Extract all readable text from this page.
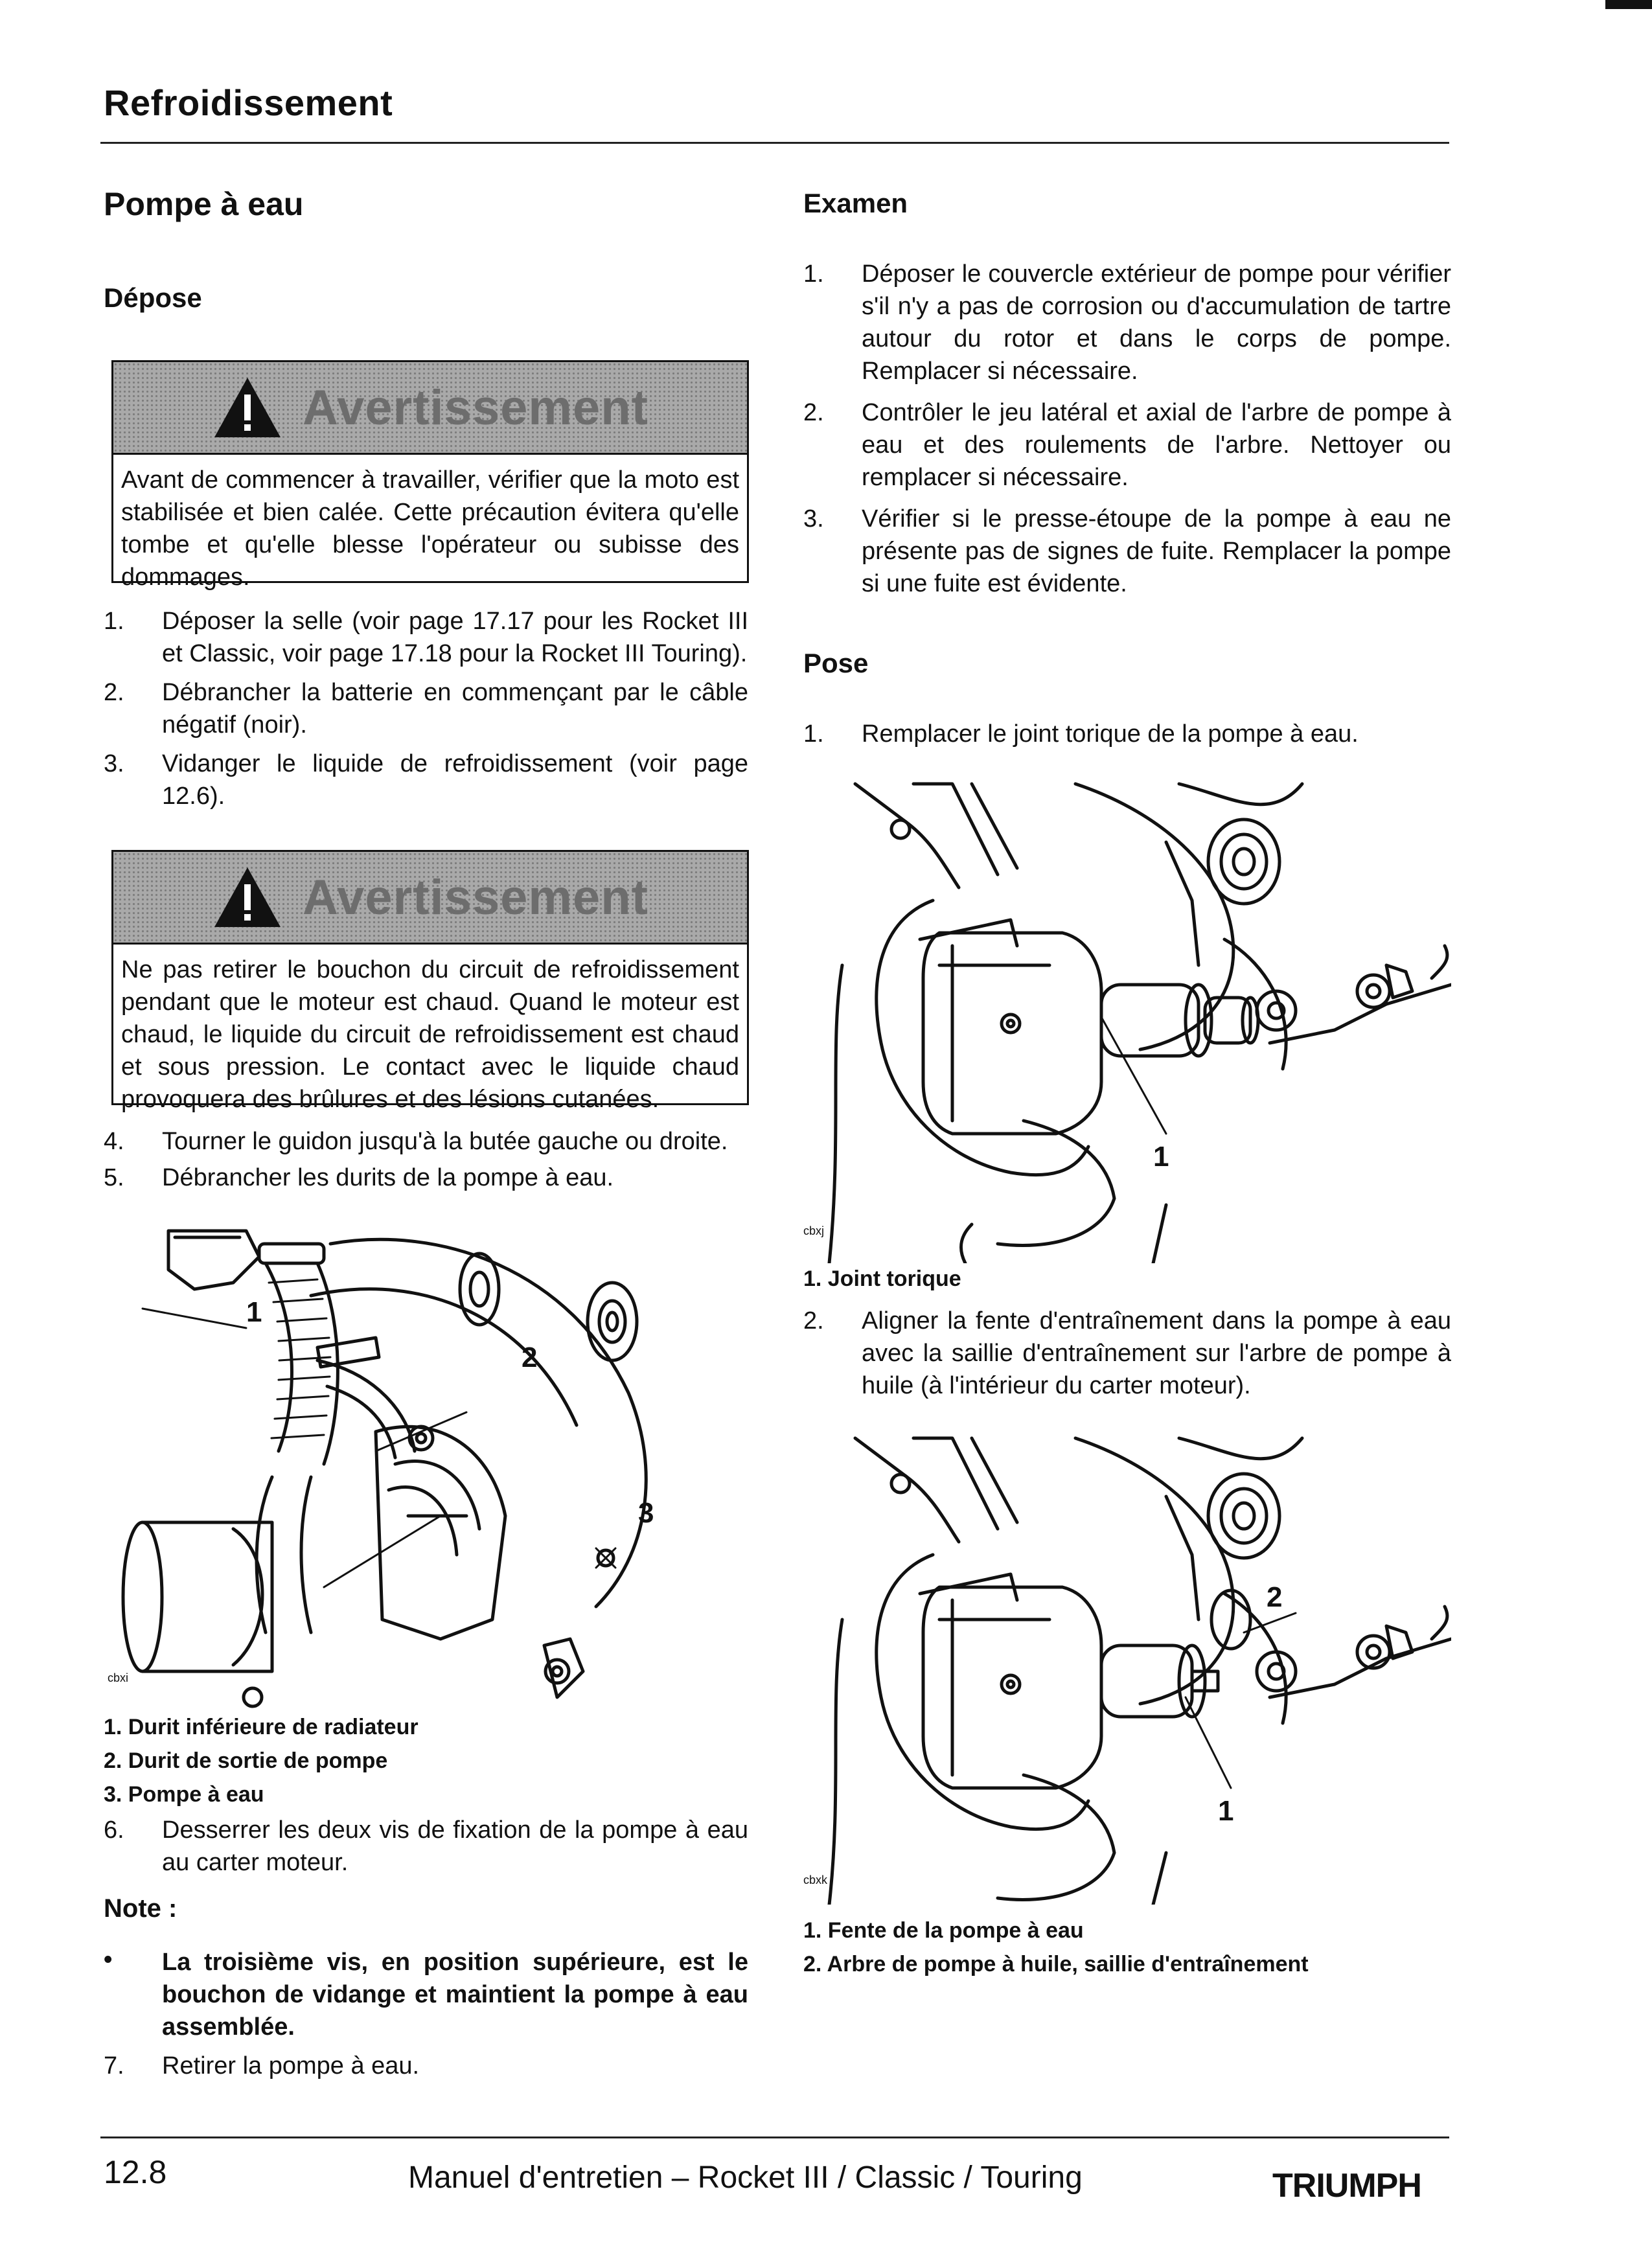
Refroidissement
Pompe à eau
Dépose
Avertissement
Avant de commencer à travailler, vérifier que la moto est stabilisée et bien calée. Cette précaution évitera qu'elle tombe et qu'elle blesse l'opérateur ou subisse des dommages.
1. Déposer la selle (voir page 17.17 pour les Rocket III et Classic, voir page 17.18 pour la Rocket III Touring).
2. Débrancher la batterie en commençant par le câble négatif (noir).
3. Vidanger le liquide de refroidissement (voir page 12.6).
Avertissement
Ne pas retirer le bouchon du circuit de refroidissement pendant que le moteur est chaud. Quand le moteur est chaud, le liquide du circuit de refroidissement est chaud et sous pression. Le contact avec le liquide chaud provoquera des brûlures et des lésions cutanées.
4. Tourner le guidon jusqu'à la butée gauche ou droite.
5. Débrancher les durits de la pompe à eau.
1
2
3
cbxi
1. Durit inférieure de radiateur
2. Durit de sortie de pompe
3. Pompe à eau
6. Desserrer les deux vis de fixation de la pompe à eau au carter moteur.
Note :
• La troisième vis, en position supérieure, est le bouchon de vidange et maintient la pompe à eau assemblée.
7. Retirer la pompe à eau.
Examen
1. Déposer le couvercle extérieur de pompe pour vérifier s'il n'y a pas de corrosion ou d'accumulation de tartre autour du rotor et dans le corps de pompe. Remplacer si nécessaire.
2. Contrôler le jeu latéral et axial de l'arbre de pompe à eau et des roulements de l'arbre. Nettoyer ou remplacer si nécessaire.
3. Vérifier si le presse-étoupe de la pompe à eau ne présente pas de signes de fuite. Remplacer la pompe si une fuite est évidente.
Pose
1. Remplacer le joint torique de la pompe à eau.
1
cbxj
1. Joint torique
2. Aligner la fente d'entraînement dans la pompe à eau avec la saillie d'entraînement sur l'arbre de pompe à huile (à l'intérieur du carter moteur).
2
1
cbxk
1. Fente de la pompe à eau
2. Arbre de pompe à huile, saillie d'entraînement
12.8	Manuel d'entretien – Rocket III / Classic / Touring	TRIUMPH
